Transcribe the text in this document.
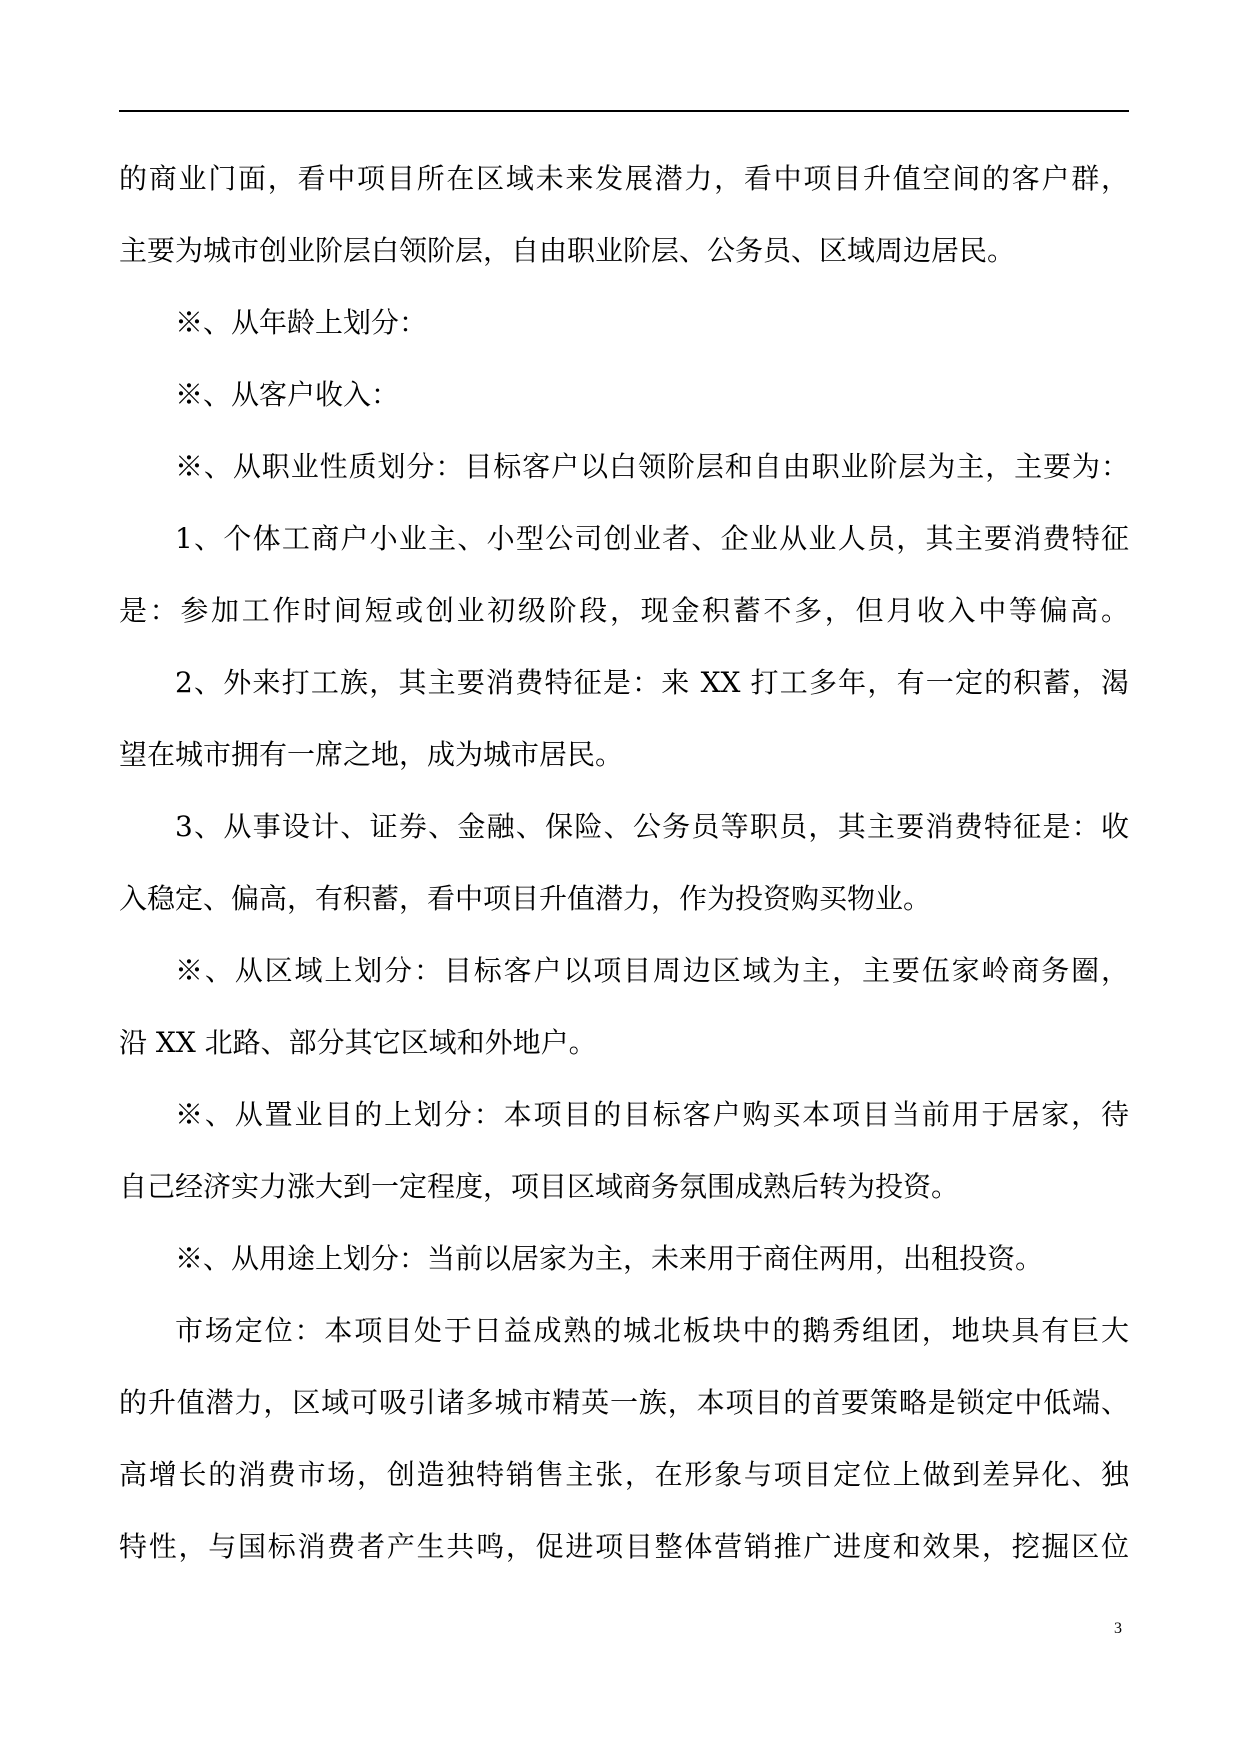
的商业门面，看中项目所在区域未来发展潜力，看中项目升值空间的客户群，
主要为城市创业阶层白领阶层，自由职业阶层、公务员、区域周边居民。
※、从年龄上划分：
※、从客户收入：
※、从职业性质划分：目标客户以白领阶层和自由职业阶层为主，主要为：
1、个体工商户小业主、小型公司创业者、企业从业人员，其主要消费特征
是：参加工作时间短或创业初级阶段，现金积蓄不多，但月收入中等偏高。
2、外来打工族，其主要消费特征是：来 XX 打工多年，有一定的积蓄，渴
望在城市拥有一席之地，成为城市居民。
3、从事设计、证券、金融、保险、公务员等职员，其主要消费特征是：收
入稳定、偏高，有积蓄，看中项目升值潜力，作为投资购买物业。
※、从区域上划分：目标客户以项目周边区域为主，主要伍家岭商务圈，
沿 XX 北路、部分其它区域和外地户。
※、从置业目的上划分：本项目的目标客户购买本项目当前用于居家，待
自己经济实力涨大到一定程度，项目区域商务氛围成熟后转为投资。
※、从用途上划分：当前以居家为主，未来用于商住两用，出租投资。
市场定位：本项目处于日益成熟的城北板块中的鹅秀组团，地块具有巨大
的升值潜力，区域可吸引诸多城市精英一族，本项目的首要策略是锁定中低端、
高增长的消费市场，创造独特销售主张，在形象与项目定位上做到差异化、独
特性，与国标消费者产生共鸣，促进项目整体营销推广进度和效果，挖掘区位
3
